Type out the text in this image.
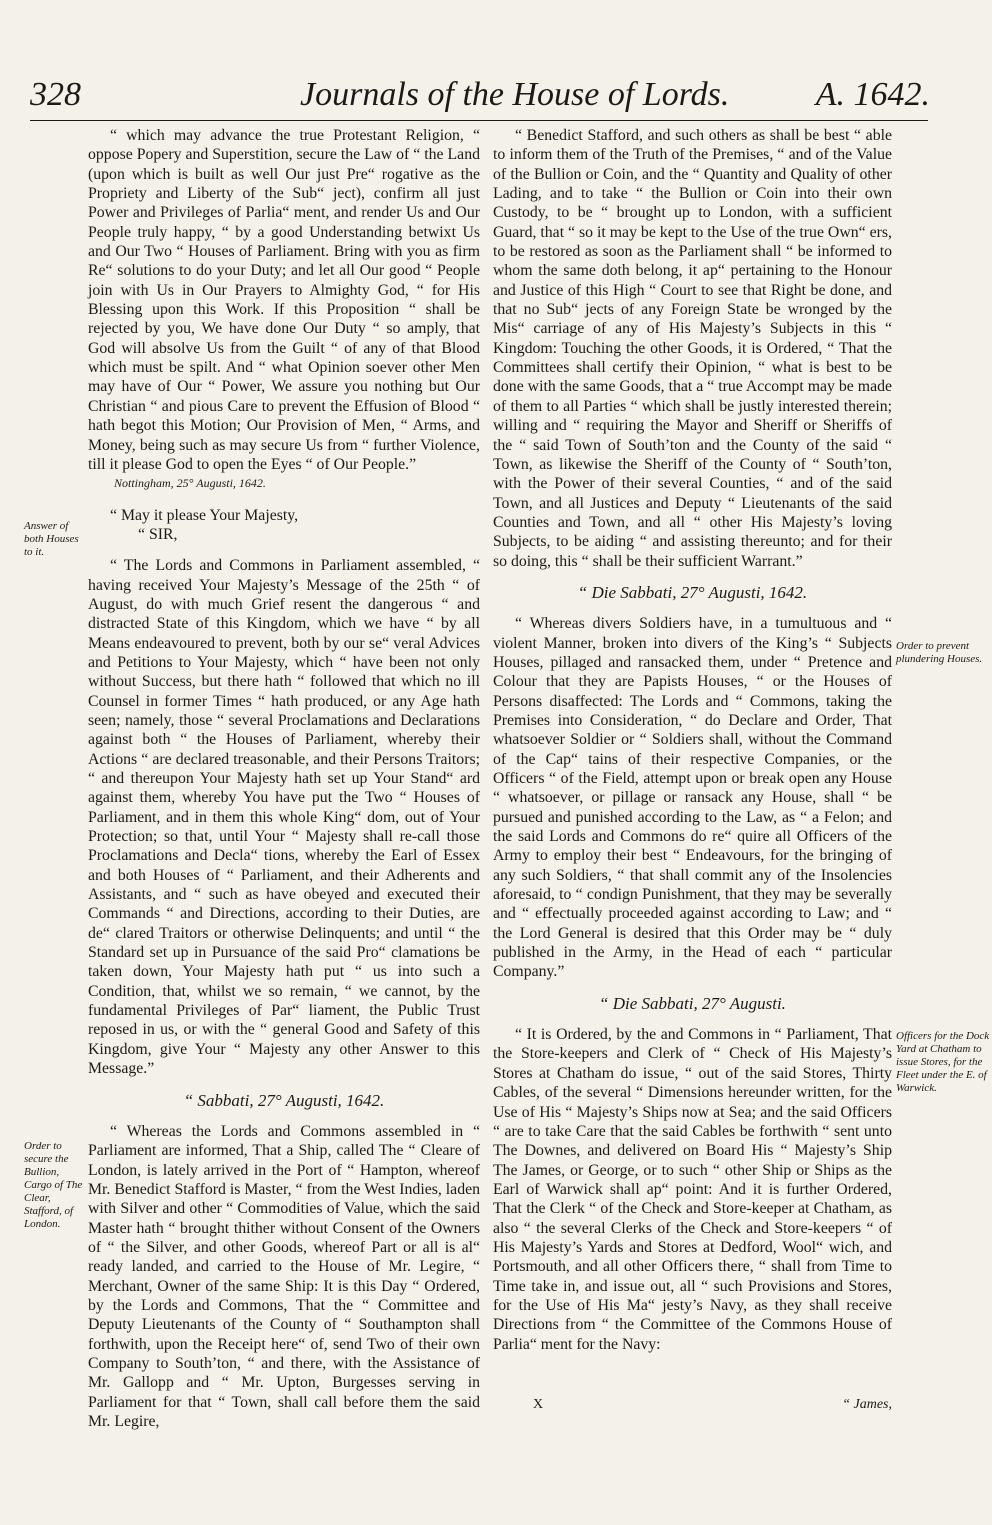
328	Journals of the House of Lords.	A. 1642.

“ which may advance the true Protestant Religion, “ oppose Popery and Superstition, secure the Law of “ the Land (upon which is built as well Our just Pre“ rogative as the Propriety and Liberty of the Sub“ ject), confirm all just Power and Privileges of Parlia“ ment, and render Us and Our People truly happy, “ by a good Understanding betwixt Us and Our Two “ Houses of Parliament. Bring with you as firm Re“ solutions to do your Duty; and let all Our good “ People join with Us in Our Prayers to Almighty God, “ for His Blessing upon this Work. If this Proposition “ shall be rejected by you, We have done Our Duty “ so amply, that God will absolve Us from the Guilt “ of any of that Blood which must be spilt. And “ what Opinion soever other Men may have of Our “ Power, We assure you nothing but Our Christian “ and pious Care to prevent the Effusion of Blood “ hath begot this Motion; Our Provision of Men, “ Arms, and Money, being such as may secure Us from “ further Violence, till it please God to open the Eyes “ of Our People.”

Nottingham, 25° Augusti, 1642.

“ May it please Your Majesty,

“ SIR,

“ The Lords and Commons in Parliament assembled, “ having received Your Majesty’s Message of the 25th “ of August, do with much Grief resent the dangerous “ and distracted State of this Kingdom, which we have “ by all Means endeavoured to prevent, both by our se“ veral Advices and Petitions to Your Majesty, which “ have been not only without Success, but there hath “ followed that which no ill Counsel in former Times “ hath produced, or any Age hath seen; namely, those “ several Proclamations and Declarations against both “ the Houses of Parliament, whereby their Actions “ are declared treasonable, and their Persons Traitors; “ and thereupon Your Majesty hath set up Your Stand“ ard against them, whereby You have put the Two “ Houses of Parliament, and in them this whole King“ dom, out of Your Protection; so that, until Your “ Majesty shall re-call those Proclamations and Decla“ tions, whereby the Earl of Essex and both Houses of “ Parliament, and their Adherents and Assistants, and “ such as have obeyed and executed their Commands “ and Directions, according to their Duties, are de“ clared Traitors or otherwise Delinquents; and until “ the Standard set up in Pursuance of the said Pro“ clamations be taken down, Your Majesty hath put “ us into such a Condition, that, whilst we so remain, “ we cannot, by the fundamental Privileges of Par“ liament, the Public Trust reposed in us, or with the “ general Good and Safety of this Kingdom, give Your “ Majesty any other Answer to this Message.”

“ Sabbati, 27° Augusti, 1642.

“ Whereas the Lords and Commons assembled in “ Parliament are informed, That a Ship, called The “ Cleare of London, is lately arrived in the Port of “ Hampton, whereof Mr. Benedict Stafford is Master, “ from the West Indies, laden with Silver and other “ Commodities of Value, which the said Master hath “ brought thither without Consent of the Owners of “ the Silver, and other Goods, whereof Part or all is al“ ready landed, and carried to the House of Mr. Legire, “ Merchant, Owner of the same Ship: It is this Day “ Ordered, by the Lords and Commons, That the “ Committee and Deputy Lieutenants of the County of “ Southampton shall forthwith, upon the Receipt here“ of, send Two of their own Company to South’ton, “ and there, with the Assistance of Mr. Gallopp and “ Mr. Upton, Burgesses serving in Parliament for that “ Town, shall call before them the said Mr. Legire,

“ Benedict Stafford, and such others as shall be best “ able to inform them of the Truth of the Premises, “ and of the Value of the Bullion or Coin, and the “ Quantity and Quality of other Lading, and to take “ the Bullion or Coin into their own Custody, to be “ brought up to London, with a sufficient Guard, that “ so it may be kept to the Use of the true Own“ ers, to be restored as soon as the Parliament shall “ be informed to whom the same doth belong, it ap“ pertaining to the Honour and Justice of this High “ Court to see that Right be done, and that no Sub“ jects of any Foreign State be wronged by the Mis“ carriage of any of His Majesty’s Subjects in this “ Kingdom: Touching the other Goods, it is Ordered, “ That the Committees shall certify their Opinion, “ what is best to be done with the same Goods, that a “ true Accompt may be made of them to all Parties “ which shall be justly interested therein; willing and “ requiring the Mayor and Sheriff or Sheriffs of the “ said Town of South’ton and the County of the said “ Town, as likewise the Sheriff of the County of “ South’ton, with the Power of their several Counties, “ and of the said Town, and all Justices and Deputy “ Lieutenants of the said Counties and Town, and all “ other His Majesty’s loving Subjects, to be aiding “ and assisting thereunto; and for their so doing, this “ shall be their sufficient Warrant.”

“ Die Sabbati, 27° Augusti, 1642.

“ Whereas divers Soldiers have, in a tumultuous and “ violent Manner, broken into divers of the King’s “ Subjects Houses, pillaged and ransacked them, under “ Pretence and Colour that they are Papists Houses, “ or the Houses of Persons disaffected: The Lords and “ Commons, taking the Premises into Consideration, “ do Declare and Order, That whatsoever Soldier or “ Soldiers shall, without the Command of the Cap“ tains of their respective Companies, or the Officers “ of the Field, attempt upon or break open any House “ whatsoever, or pillage or ransack any House, shall “ be pursued and punished according to the Law, as “ a Felon; and the said Lords and Commons do re“ quire all Officers of the Army to employ their best “ Endeavours, for the bringing of any such Soldiers, “ that shall commit any of the Insolencies aforesaid, to “ condign Punishment, that they may be severally and “ effectually proceeded against according to Law; and “ the Lord General is desired that this Order may be “ duly published in the Army, in the Head of each “ particular Company.”

“ Die Sabbati, 27° Augusti.

“ It is Ordered, by the and Commons in “ Parliament, That the Store-keepers and Clerk of “ Check of His Majesty’s Stores at Chatham do issue, “ out of the said Stores, Thirty Cables, of the several “ Dimensions hereunder written, for the Use of His “ Majesty’s Ships now at Sea; and the said Officers “ are to take Care that the said Cables be forthwith “ sent unto The Downes, and delivered on Board His “ Majesty’s Ship The James, or George, or to such “ other Ship or Ships as the Earl of Warwick shall ap“ point: And it is further Ordered, That the Clerk “ of the Check and Store-keeper at Chatham, as also “ the several Clerks of the Check and Store-keepers “ of His Majesty’s Yards and Stores at Dedford, Wool“ wich, and Portsmouth, and all other Officers there, “ shall from Time to Time take in, and issue out, all “ such Provisions and Stores, for the Use of His Ma“ jesty’s Navy, as they shall receive Directions from “ the Committee of the Commons House of Parlia“ ment for the Navy:

Answer of both Houses to it.
Order to secure the Bullion, Cargo of The Clear, Stafford, of London.
Order to prevent plundering Houses.
Officers for the Dock Yard at Chatham to issue Stores, for the Fleet under the E. of Warwick.
X	“ James,
